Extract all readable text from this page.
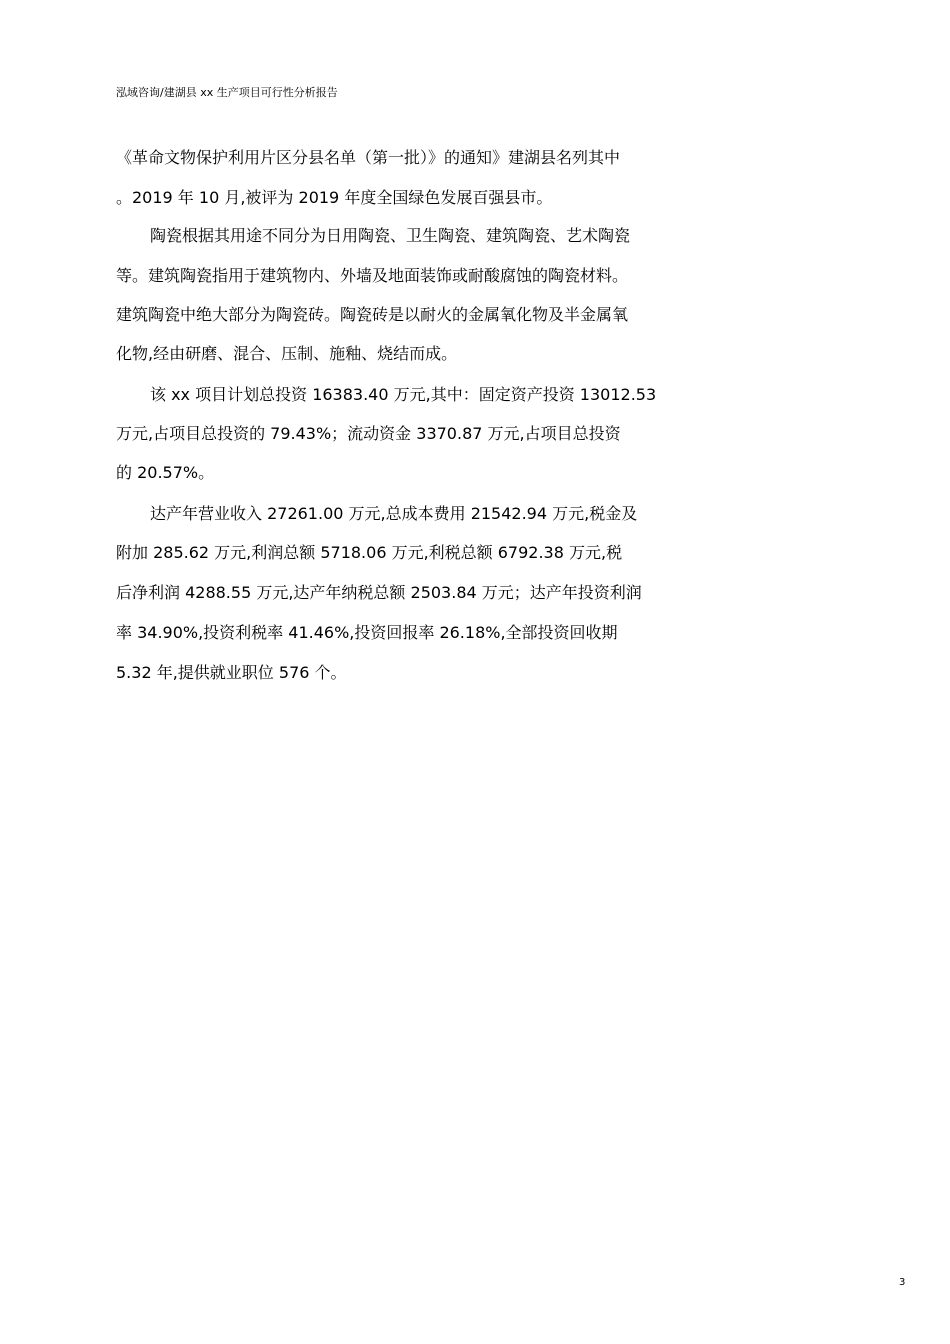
泓域咨询/建湖县 xx 生产项目可行性分析报告
《革命文物保护利用片区分县名单（第一批）》的通知》建湖县名列其中
。2019 年 10 月,被评为 2019 年度全国绿色发展百强县市。
陶瓷根据其用途不同分为日用陶瓷、卫生陶瓷、建筑陶瓷、艺术陶瓷
等。建筑陶瓷指用于建筑物内、外墙及地面装饰或耐酸腐蚀的陶瓷材料。
建筑陶瓷中绝大部分为陶瓷砖。陶瓷砖是以耐火的金属氧化物及半金属氧
化物,经由研磨、混合、压制、施釉、烧结而成。
该 xx 项目计划总投资 16383.40 万元,其中：固定资产投资 13012.53
万元,占项目总投资的 79.43%；流动资金 3370.87 万元,占项目总投资
的 20.57%。
达产年营业收入 27261.00 万元,总成本费用 21542.94 万元,税金及
附加 285.62 万元,利润总额 5718.06 万元,利税总额 6792.38 万元,税
后净利润 4288.55 万元,达产年纳税总额 2503.84 万元；达产年投资利润
率 34.90%,投资利税率 41.46%,投资回报率 26.18%,全部投资回收期
5.32 年,提供就业职位 576 个。
3
